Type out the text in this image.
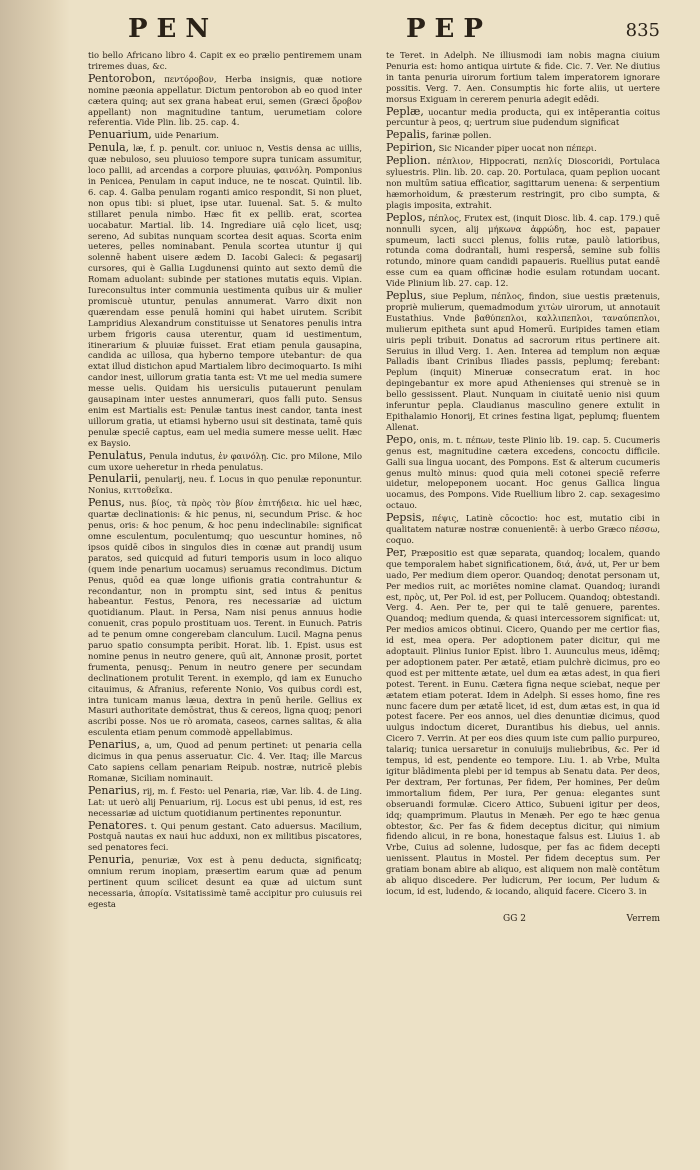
PEN	PEP	835

tio bello Africano libro 4. Capit ex eo prælio pentiremem unam triremes duas, &c.

Pentorobon, πεντόροβον, Herba insignis, quæ notiore nomine pæonia appellatur. Dictum pentorobon ab eo quod inter cætera quinq; aut sex grana habeat erui, semen (Græci ὄροβον appellant) non magnitudine tantum, uerumetiam colore referentia. Vide Plin. lib. 25. cap. 4.

Penuarium, uide Penarium.

Penula, læ, f. p. penult. cor. uniuoc n, Vestis densa ac uillis, quæ nebuloso, seu pluuioso tempore supra tunicam assumitur, loco pallii, ad arcendas a corpore pluuias, φαινόλη. Pomponius in Penicea, Penulam in caput induce, ne te noscat. Quintil. lib. 6. cap. 4. Galba penulam roganti amico respondit, Si non pluet, non opus tibi: si pluet, ipse utar. Iuuenal. Sat. 5. & multo stillaret penula nimbo. Hæc fit ex pellib. erat, scortea uocabatur. Martial. lib. 14. Ingrediare uiā cęlo licet, usq; sereno, Ad subitas nunquam scortea desit aquas. Scorta enim ueteres, pelles nominabant. Penula scortea utuntur ij qui solennē habent uisere ædem D. Iacobi Galeci: & pegasarij cursores, qui è Gallia Lugdunensi quinto aut sexto demū die Romam aduolant: subinde per stationes mutatis equis. Vipian. Iureconsultus inter communia uestimenta quibus uir & mulier promiscuè utuntur, penulas annumerat. Varro dixit non quærendam esse penulā homini qui habet uirutem. Scribit Lampridius Alexandrum constituisse ut Senatores penulis intra urbem frigoris causa uterentur, quam id uestimentum, itinerarium & pluuiæ fuisset. Erat etiam penula gausapina, candida ac uillosa, qua hyberno tempore utebantur: de qua extat illud distichon apud Martialem libro decimoquarto. Is mihi candor inest, uillorum gratia tanta est: Vt me uel media sumere messe uelis. Quidam his uersiculis putauerunt penulam gausapinam inter uestes annumerari, quos falli puto. Sensus enim est Martialis est: Penulæ tantus inest candor, tanta inest uillorum gratia, ut etiamsi hyberno usui sit destinata, tamē quis penulæ speciē captus, eam uel media sumere messe uelit. Hæc ex Baysio.

Penulatus, Penula indutus, ἐν φαινόλῃ. Cic. pro Milone, Milo cum uxore ueheretur in rheda penulatus.

Penularii, penularij, neu. f. Locus in quo penulæ reponuntur. Nonius, κιττοθεῖκα.

Penus, nus. βίος, τὰ πρὸς τὸν βίον ἐπιτήδεια. hic uel hæc, quartæ declinationis: & hic penus, ni, secundum Prisc. & hoc penus, oris: & hoc penum, & hoc penu indeclinabile: significat omne esculentum, poculentumq; quo uescuntur homines, nō ipsos quidē cibos in singulos dies in cœnæ aut prandij usum paratos, sed quicquid ad futuri temporis usum in loco aliquo (quem inde penarium uocamus) seruamus recondimus. Dictum Penus, quōd ea quæ longe uifionis gratia contrahuntur & recondantur, non in promptu sint, sed intus & penitus habeantur. Festus, Penora, res necessariæ ad uictum quotidianum. Plaut. in Persa, Nam nisi penus annuus hodie conuenit, cras populo prostituam uos. Terent. in Eunuch. Patris ad te penum omne congerebam clanculum. Lucil. Magna penus paruo spatio consumpta peribit. Horat. lib. 1. Epist. usus est nomine penus in neutro genere, quū ait, Annonæ prosit, portet frumenta, penusq;. Penum in neutro genere per secundam declinationem protulit Terent. in exemplo, qd iam ex Eunucho citauimus, & Afranius, referente Nonio, Vos quibus cordi est, intra tunicam manus læua, dextra in penū herile. Gellius ex Masuri authoritate demōstrat, thus & cereos, ligna quoq; penori ascribi posse. Nos ue rò aromata, caseos, carnes salitas, & alia esculenta etiam penum commodè appellabimus.

Penarius, a, um, Quod ad penum pertinet: ut penaria cella dicimus in qua penus asseruatur. Cic. 4. Ver. Itaq; ille Marcus Cato sapiens cellam penariam Reipub. nostræ, nutricē plebis Romanæ, Siciliam nominauit.

Penarius, rij, m. f. Festo: uel Penaria, riæ, Var. lib. 4. de Ling. Lat: ut uerò alij Penuarium, rij. Locus est ubi penus, id est, res necessariæ ad uictum quotidianum pertinentes reponuntur.

Penatores. t. Qui penum gestant. Cato aduersus. Macilium, Postquā nautas ex naui huc adduxi, non ex militibus piscatores, sed penatores feci.

Penuria, penuriæ, Vox est à penu deducta, significatq; omnium rerum inopiam, præsertim earum quæ ad penum pertinent quum scilicet desunt ea quæ ad uictum sunt necessaria, ἀπορία. Vsitatissimè tamē accipitur pro cuiusuis rei egesta

te Teret. in Adelph. Ne illiusmodi iam nobis magna ciuium Penuria est: homo antiqua uirtute & fide. Cic. 7. Ver. Ne diutius in tanta penuria uirorum fortium talem imperatorem ignorare possitis. Verg. 7. Aen. Consumptis hic forte aliis, ut uertere morsus Exiguam in cererem penuria adegit edēdi.

Peplæ, uocantur media producta, qui ex intēperantia coitus percuntur à peos, q; uertrum siue pudendum significat

Pepalis, farinæ pollen.

Pepirion, Sic Nicander piper uocat non πέπερι.

Peplion. πέπλιον, Hippocrati, πεπλίς Dioscoridi, Portulaca syluestris. Plin. lib. 20. cap. 20. Portulaca, quam peplion uocant non multūm satiua efficatior, sagittarum uenena: & serpentium hæmorhoidum, & præsterum restringit, pro cibo sumpta, & plagis imposita, extrahit.

Peplos, πέπλος, Frutex est, (inquit Diosc. lib. 4. cap. 179.) quē nonnulli sycen, alij μήκωνα ἀφρώδη, hoc est, papauer spumeum, lacti succi plenus, foliis rutæ, paulò latioribus, rotunda coma dodrantali, humi resperså, semine sub foliis rotundo, minore quam candidi papaueris. Ruellius putat eandē esse cum ea quam officinæ hodie esulam rotundam uocant. Vide Plinium lib. 27. cap. 12.

Peplus, siue Peplum, πέπλος, findon, siue uestis prætenuis, propriè mulierum, quemadmodum χιτὼν uirorum, ut annotauit Eustathius. Vnde βαθύπεπλοι, καλλιπεπλοι, ταναύπεπλοι, mulierum epitheta sunt apud Homerū. Euripides tamen etiam uiris pepli tribuit. Donatus ad sacrorum ritus pertinere ait. Seruius in illud Verg. 1. Aen. Interea ad templum non æquæ Palladis ibant Crinibus Iliades passis, peplumq; ferebant: Peplum (inquit) Mineruæ consecratum erat. in hoc depingebantur ex more apud Athenienses qui strenuè se in bello gessissent. Plaut. Nunquam in ciuitatē uenio nisi quum inferuntur pepla. Claudianus masculino genere extulit in Epithalamio Honorij, Et crines festina ligat, peplumq; fluentem Allenat.

Pepo, onis, m. t. πέπων, teste Plinio lib. 19. cap. 5. Cucumeris genus est, magnitudine cætera excedens, concoctu difficile. Galli sua lingua uocant, des Pompons. Est & alterum cucumeris genus multò minus: quod quia meli cotonei speciē referre uidetur, melopeponem uocant. Hoc genus Gallica lingua uocamus, des Pompons. Vide Ruellium libro 2. cap. sexagesimo octauo.

Pepsis, πέψις, Latinè cōcoctio: hoc est, mutatio cibi in qualitatem naturæ nostræ conuenientē: à uerbo Græco πέσσω, coquo.

Per, Præpositio est quæ separata, quandoq; localem, quando que temporalem habet significationem, διά, ἀνά, ut, Per ur bem uado, Per medium diem operor. Quandoq; denotat personam ut, Per medios ruit, ac moriētes nomine clamat. Quandoq; iurandi est, πρὸς, ut, Per Pol. id est, per Pollucem. Quandoq; obtestandi. Verg. 4. Aen. Per te, per qui te talē genuere, parentes. Quandoq; medium quenda, & quasi intercessorem significat: ut, Per medios amicos obtinui. Cicero, Quando per me certior fias, id est, mea opera. Per adoptionem pater dicitur, qui me adoptauit. Plinius Iunior Epist. libro 1. Auunculus meus, idēmq; per adoptionem pater. Per ætatē, etiam pulchrè dicimus, pro eo quod est per mittente ætate, uel dum ea ætas adest, in qua fieri potest. Terent. in Eunu. Cætera figna neque sciebat, neque per ætatem etiam poterat. Idem in Adelph. Si esses homo, fine res nunc facere dum per ætatē licet, id est, dum ætas est, in qua id potest facere. Per eos annos, uel dies denuntiæ dicimus, quod uulgus indoctum diceret, Durantibus his diebus, uel annis. Cicero 7. Verrin. At per eos dies quum iste cum pallio purpureo, talariq; tunica uersaretur in conuiuijs muliebribus, &c. Per id tempus, id est, pendente eo tempore. Liu. 1. ab Vrbe, Multa igitur blādimenta plebi per id tempus ab Senatu data. Per deos, Per dextram, Per fortunas, Per fidem, Per homines, Per deûm immortalium fidem, Per iura, Per genua: elegantes sunt obseruandi formulæ. Cicero Attico, Subueni igitur per deos, idq; quamprimum. Plautus in Menæh. Per ego te hæc genua obtestor, &c. Per fas & fidem deceptus dicitur, qui nimium fidendo alicui, in re bona, honestaque falsus est. Liuius 1. ab Vrbe, Cuius ad solenne, ludosque, per fas ac fidem decepti uenissent. Plautus in Mostel. Per fidem deceptus sum. Per gratiam bonam abire ab aliquo, est aliquem non malè contētum ab aliquo discedere. Per ludicrum, Per iocum, Per ludum & iocum, id est, ludendo, & iocando, aliquid facere. Cicero 3. in

GG 2	Verrem
